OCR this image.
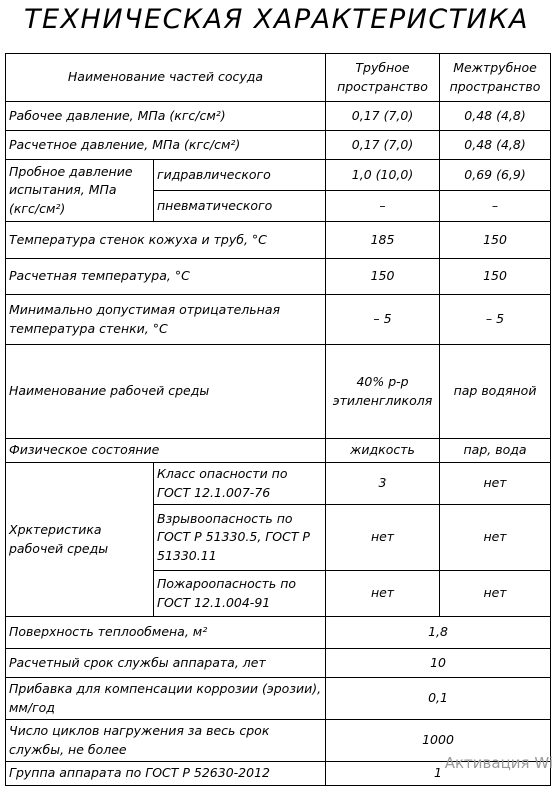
ТЕХНИЧЕСКАЯ ХАРАКТЕРИСТИКА
Наименование частей сосуда		Трубное пространство	Межтрубное пространство
Рабочее давление, МПа (кгс/см²)		0,17 (7,0)	0,48 (4,8)
Расчетное давление, МПа (кгс/см²)		0,17 (7,0)	0,48 (4,8)
Пробное давление испытания, МПа (кгс/см²)	гидравлического	1,0 (10,0)	0,69 (6,9)
	пневматического	–	–
Температура стенок кожуха и труб, °C		185	150
Расчетная температура, °C		150	150
Минимально допустимая отрицательная температура стенки, °C		– 5	– 5
Наименование рабочей среды		40% р-р этиленгликоля	пар водяной
Физическое состояние		жидкость	пар, вода
Хрктеристика рабочей среды	Класс опасности по ГОСТ 12.1.007-76	3	нет
	Взрывоопасность по ГОСТ Р 51330.5, ГОСТ Р 51330.11	нет	нет
	Пожароопасность по ГОСТ 12.1.004-91	нет	нет
Поверхность теплообмена, м²		1,8	
Расчетный срок службы аппарата, лет		10	
Прибавка для компенсации коррозии (эрозии), мм/год		0,1	
Число циклов нагружения за весь срок службы, не более		1000	
Группа аппарата по ГОСТ Р 52630-2012		1	
Активация Wi
